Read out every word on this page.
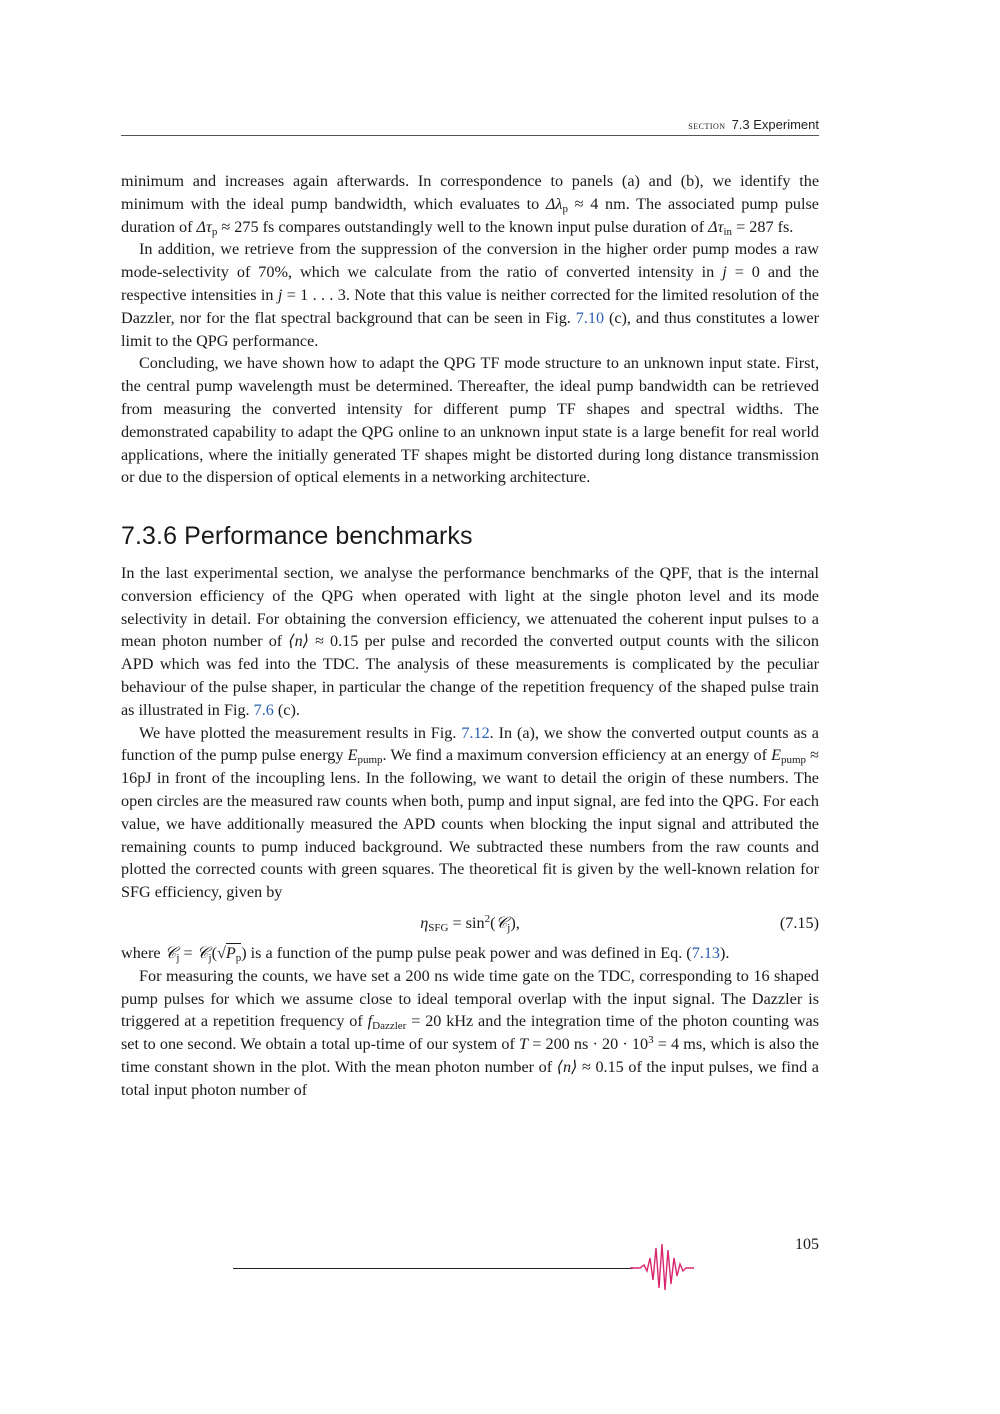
section 7.3 Experiment

minimum and increases again afterwards. In correspondence to panels (a) and (b), we identify the minimum with the ideal pump bandwidth, which evaluates to $\Delta\lambda_p \approx 4$ nm. The associated pump pulse duration of $\Delta\tau_p \approx 275$ fs compares outstandingly well to the known input pulse duration of $\Delta\tau_{in} = 287$ fs.

In addition, we retrieve from the suppression of the conversion in the higher order pump modes a raw mode-selectivity of 70%, which we calculate from the ratio of converted intensity in j = 0 and the respective intensities in j = 1 . . . 3. Note that this value is neither corrected for the limited resolution of the Dazzler, nor for the flat spectral background that can be seen in Fig. 7.10 (c), and thus constitutes a lower limit to the QPG performance.

Concluding, we have shown how to adapt the QPG TF mode structure to an unknown input state. First, the central pump wavelength must be determined. Thereafter, the ideal pump bandwidth can be retrieved from measuring the converted intensity for different pump TF shapes and spectral widths. The demonstrated capability to adapt the QPG online to an unknown input state is a large benefit for real world applications, where the initially generated TF shapes might be distorted during long distance transmission or due to the dispersion of optical elements in a networking architecture.

7.3.6 Performance benchmarks

In the last experimental section, we analyse the performance benchmarks of the QPF, that is the internal conversion efficiency of the QPG when operated with light at the single photon level and its mode selectivity in detail. For obtaining the conversion efficiency, we attenuated the coherent input pulses to a mean photon number of ⟨n⟩ ≈ 0.15 per pulse and recorded the converted output counts with the silicon APD which was fed into the TDC. The analysis of these measurements is complicated by the peculiar behaviour of the pulse shaper, in particular the change of the repetition frequency of the shaped pulse train as illustrated in Fig. 7.6 (c).

We have plotted the measurement results in Fig. 7.12. In (a), we show the converted output counts as a function of the pump pulse energy $E_{pump}$. We find a maximum conversion efficiency at an energy of $E_{pump} \approx 16pJ$ in front of the incoupling lens. In the following, we want to detail the origin of these numbers. The open circles are the measured raw counts when both, pump and input signal, are fed into the QPG. For each value, we have additionally measured the APD counts when blocking the input signal and attributed the remaining counts to pump induced background. We subtracted these numbers from the raw counts and plotted the corrected counts with green squares. The theoretical fit is given by the well-known relation for SFG efficiency, given by

$\eta_{SFG}$ = $\sin^2(𝒞_j)$,	(7.15)

where 𝒞$_j$ = $𝒞_j(√P_p)$ is a function of the pump pulse peak power and was defined in Eq. (7.13).

For measuring the counts, we have set a 200 ns wide time gate on the TDC, corresponding to 16 shaped pump pulses for which we assume close to ideal temporal overlap with the input signal. The Dazzler is triggered at a repetition frequency of $f_{Dazzler} = 20$ kHz and the integration time of the photon counting was set to one second. We obtain a total up-time of our system of T = 200 ns · $20 \cdot 10^3 = 4$ ms, which is also the time constant shown in the plot. With the mean photon number of ⟨n⟩ ≈ 0.15 of the input pulses, we find a total input photon number of

105
